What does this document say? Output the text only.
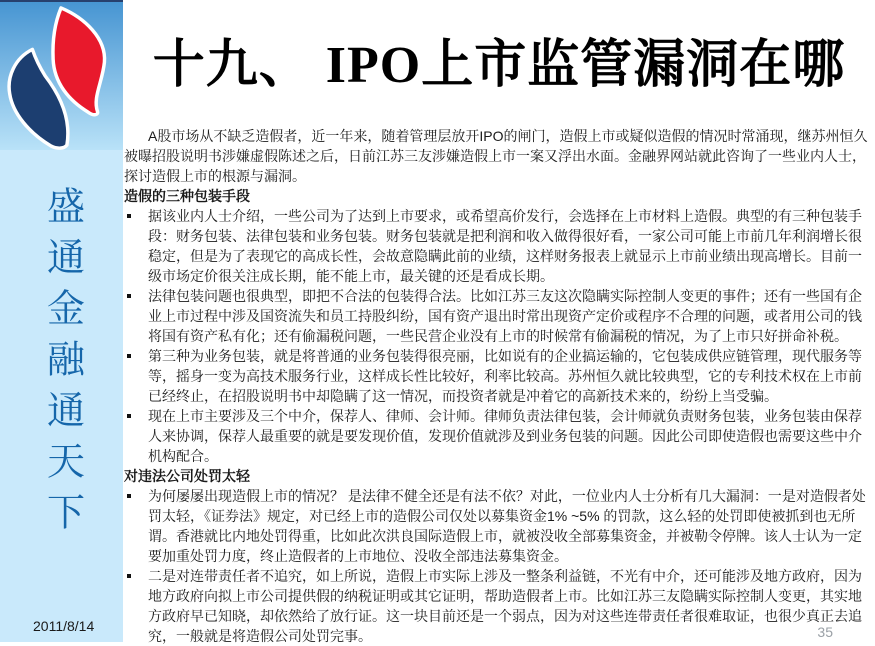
盛通金融通天下
2011/8/14
十九、 IPO上市监管漏洞在哪

A股市场从不缺乏造假者，近一年来，随着管理层放开IPO的闸门，造假上市或疑似造假的情况时常涌现，继苏州恒久被曝招股说明书涉嫌虚假陈述之后，日前江苏三友涉嫌造假上市一案又浮出水面。金融界网站就此咨询了一些业内人士，探讨造假上市的根源与漏洞。

造假的三种包装手段

据该业内人士介绍，一些公司为了达到上市要求，或希望高价发行，会选择在上市材料上造假。典型的有三种包装手段：财务包装、法律包装和业务包装。财务包装就是把利润和收入做得很好看，一家公司可能上市前几年利润增长很稳定，但是为了表现它的高成长性，会故意隐瞒此前的业绩，这样财务报表上就显示上市前业绩出现高增长。目前一级市场定价很关注成长期，能不能上市，最关键的还是看成长期。
法律包装问题也很典型，即把不合法的包装得合法。比如江苏三友这次隐瞒实际控制人变更的事件；还有一些国有企业上市过程中涉及国资流失和员工持股纠纷，国有资产退出时常出现资产定价或程序不合理的问题，或者用公司的钱将国有资产私有化；还有偷漏税问题，一些民营企业没有上市的时候常有偷漏税的情况，为了上市只好拼命补税。
第三种为业务包装，就是将普通的业务包装得很亮丽，比如说有的企业搞运输的，它包装成供应链管理，现代服务等等，摇身一变为高技术服务行业，这样成长性比较好，利率比较高。苏州恒久就比较典型，它的专利技术权在上市前已经终止，在招股说明书中却隐瞒了这一情况，而投资者就是冲着它的高新技术来的，纷纷上当受骗。
现在上市主要涉及三个中介，保荐人、律师、会计师。律师负责法律包装，会计师就负责财务包装，业务包装由保荐人来协调，保荐人最重要的就是要发现价值，发现价值就涉及到业务包装的问题。因此公司即使造假也需要这些中介机构配合。

对违法公司处罚太轻

为何屡屡出现造假上市的情况？ 是法律不健全还是有法不依？对此，一位业内人士分析有几大漏洞：一是对造假者处罚太轻，《证券法》规定，对已经上市的造假公司仅处以募集资金1% ~5% 的罚款，这么轻的处罚即使被抓到也无所谓。香港就比内地处罚得重，比如此次洪良国际造假上市，就被没收全部募集资金，并被勒令停牌。该人士认为一定要加重处罚力度，终止造假者的上市地位、没收全部违法募集资金。
二是对连带责任者不追究，如上所说，造假上市实际上涉及一整条利益链，不光有中介，还可能涉及地方政府，因为地方政府向拟上市公司提供假的纳税证明或其它证明，帮助造假者上市。比如江苏三友隐瞒实际控制人变更，其实地方政府早已知晓，却依然给了放行证。这一块目前还是一个弱点，因为对这些连带责任者很难取证，也很少真正去追究，一般就是将造假公司处罚完事。	35
